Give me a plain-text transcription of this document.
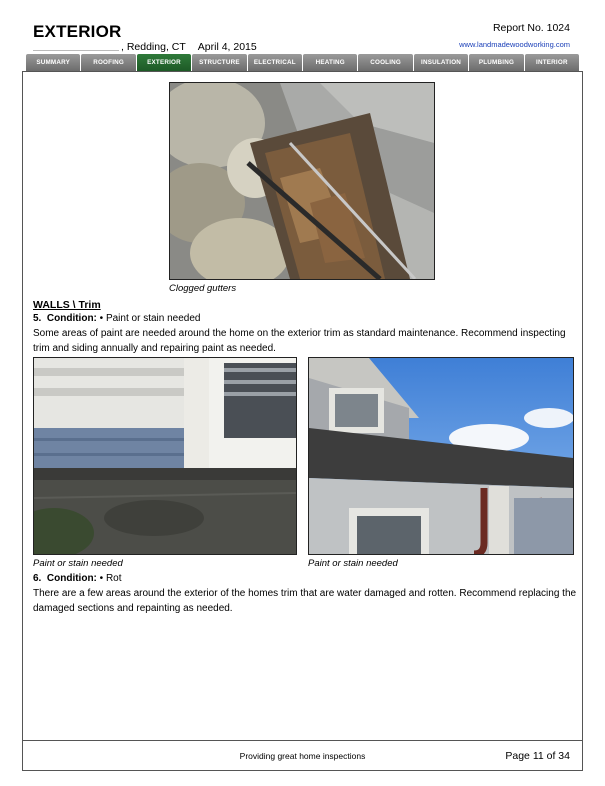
EXTERIOR	Report No. 1024
, Redding, CT April 4, 2015	www.landmadewoodworking.com
SUMMARY	ROOFING	EXTERIOR	STRUCTURE	ELECTRICAL	HEATING	COOLING	INSULATION	PLUMBING	INTERIOR
Clogged gutters
WALLS \ Trim
5. Condition: • Paint or stain needed
Some areas of paint are needed around the home on the exterior trim as standard maintenance. Recommend inspecting trim and siding annually and repairing paint as needed.
Paint or stain needed	Paint or stain needed
6. Condition: • Rot
There are a few areas around the exterior of the homes trim that are water damaged and rotten. Recommend replacing the damaged sections and repainting as needed.
Providing great home inspections	Page 11 of 34
